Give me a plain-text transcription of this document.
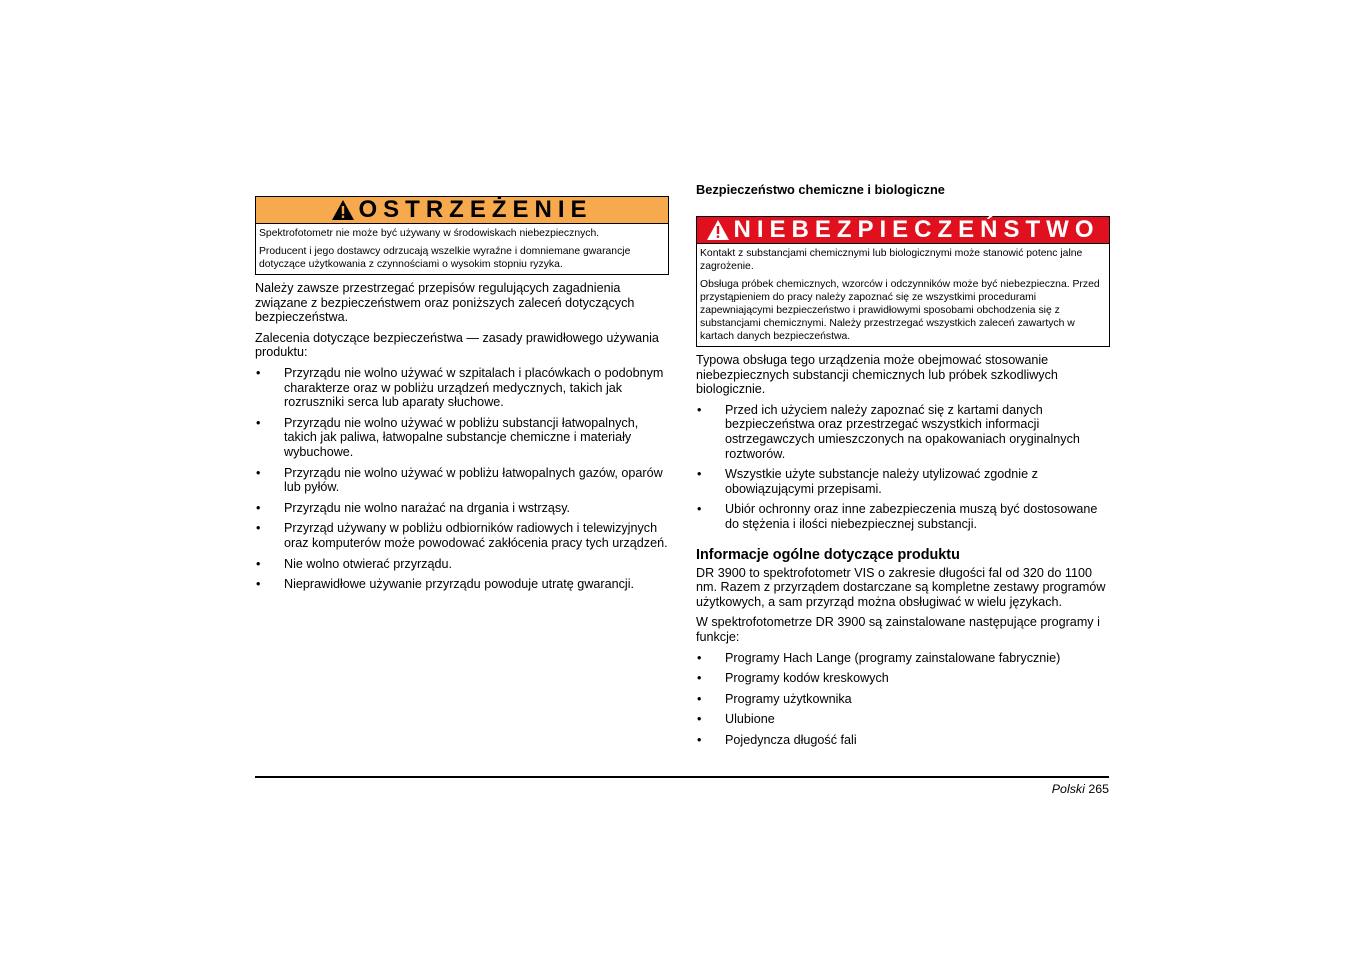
OSTRZEŻENIE

Spektrofotometr nie może być używany w środowiskach niebezpiecznych.

Producent i jego dostawcy odrzucają wszelkie wyraźne i domniemane gwarancje dotyczące użytkowania z czynnościami o wysokim stopniu ryzyka.

Należy zawsze przestrzegać przepisów regulujących zagadnienia związane z bezpieczeństwem oraz poniższych zaleceń dotyczących bezpieczeństwa.

Zalecenia dotyczące bezpieczeństwa — zasady prawidłowego używania produktu:

• Przyrządu nie wolno używać w szpitalach i placówkach o podobnym charakterze oraz w pobliżu urządzeń medycznych, takich jak rozruszniki serca lub aparaty słuchowe.
• Przyrządu nie wolno używać w pobliżu substancji łatwopalnych, takich jak paliwa, łatwopalne substancje chemiczne i materiały wybuchowe.
• Przyrządu nie wolno używać w pobliżu łatwopalnych gazów, oparów lub pyłów.
• Przyrządu nie wolno narażać na drgania i wstrząsy.
• Przyrząd używany w pobliżu odbiorników radiowych i telewizyjnych oraz komputerów może powodować zakłócenia pracy tych urządzeń.
• Nie wolno otwierać przyrządu.
• Nieprawidłowe używanie przyrządu powoduje utratę gwarancji.
Bezpieczeństwo chemiczne i biologiczne
NIEBEZPIECZEŃSTWO

Kontakt z substancjami chemicznymi lub biologicznymi może stanowić potenc jalne zagrożenie.

Obsługa próbek chemicznych, wzorców i odczynników może być niebezpieczna. Przed przystąpieniem do pracy należy zapoznać się ze wszystkimi procedurami zapewniającymi bezpieczeństwo i prawidłowymi sposobami obchodzenia się z substancjami chemicznymi. Należy przestrzegać wszystkich zaleceń zawartych w kartach danych bezpieczeństwa.

Typowa obsługa tego urządzenia może obejmować stosowanie niebezpiecznych substancji chemicznych lub próbek szkodliwych biologicznie.

• Przed ich użyciem należy zapoznać się z kartami danych bezpieczeństwa oraz przestrzegać wszystkich informacji ostrzegawczych umieszczonych na opakowaniach oryginalnych roztworów.
• Wszystkie użyte substancje należy utylizować zgodnie z obowiązującymi przepisami.
• Ubiór ochronny oraz inne zabezpieczenia muszą być dostosowane do stężenia i ilości niebezpiecznej substancji.
Informacje ogólne dotyczące produktu

DR 3900 to spektrofotometr VIS o zakresie długości fal od 320 do 1100 nm. Razem z przyrządem dostarczane są kompletne zestawy programów użytkowych, a sam przyrząd można obsługiwać w wielu językach.

W spektrofotometrze DR 3900 są zainstalowane następujące programy i funkcje:

• Programy Hach Lange (programy zainstalowane fabrycznie)
• Programy kodów kreskowych
• Programy użytkownika
• Ulubione
• Pojedyncza długość fali
Polski 265
